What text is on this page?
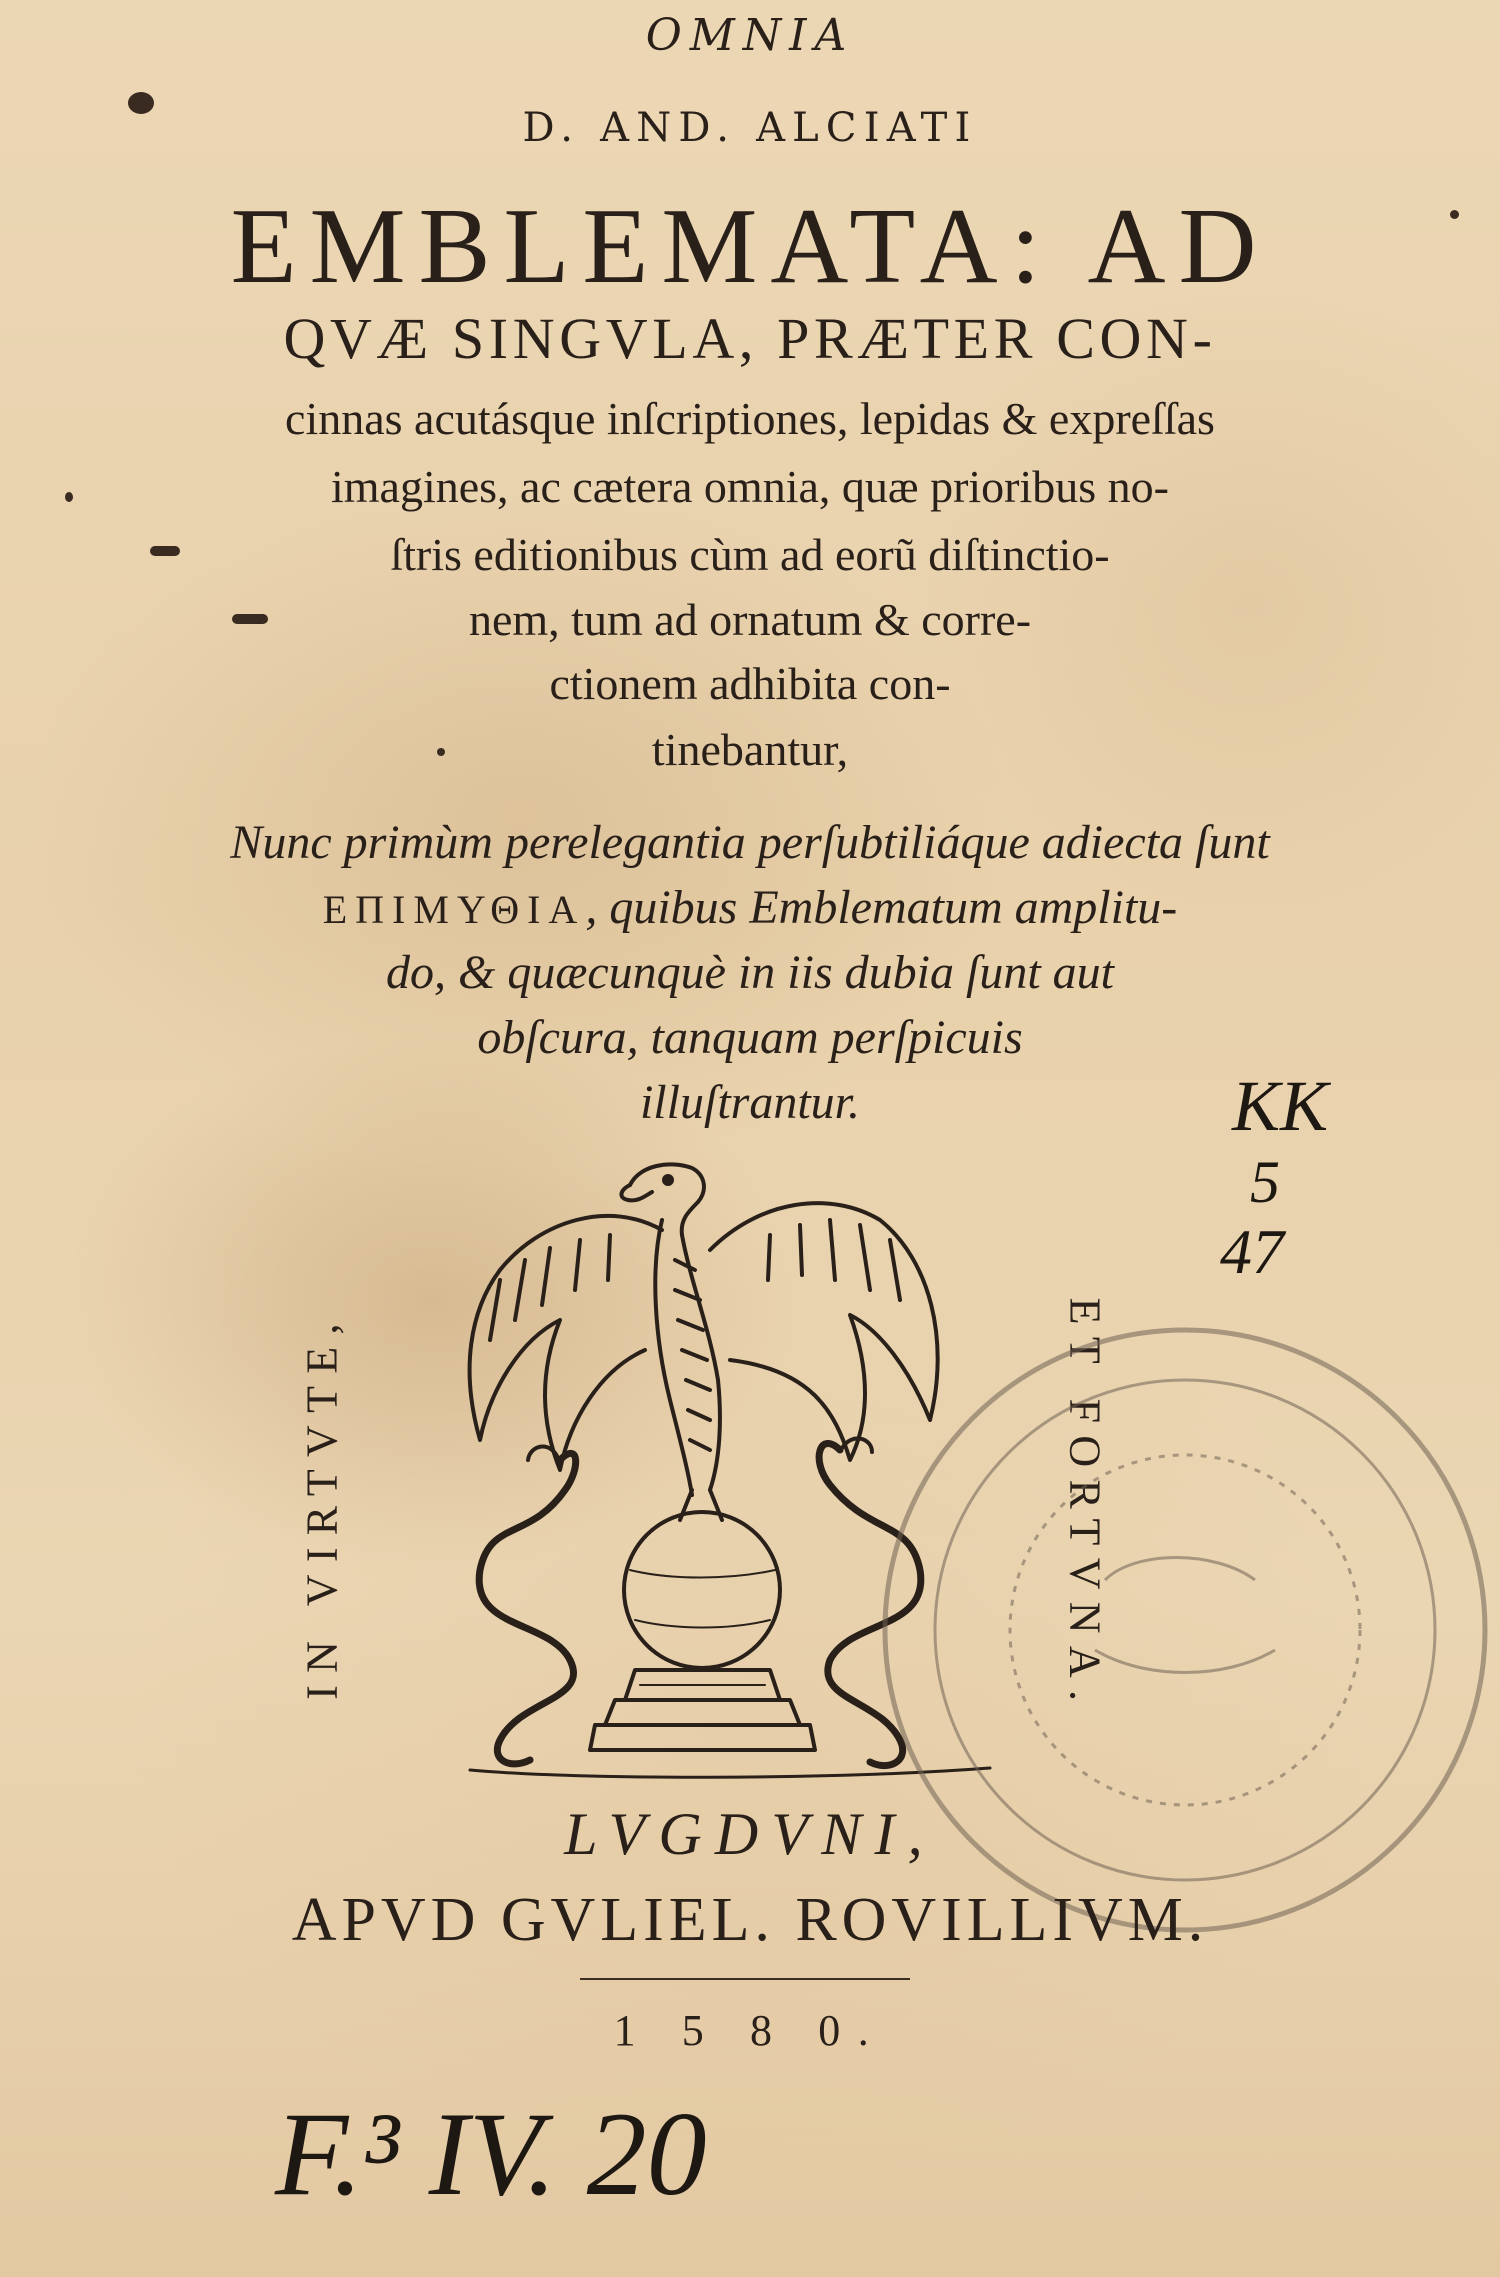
OMNIA
D. AND. ALCIATI
EMBLEMATA: AD
QVÆ SINGVLA, PRÆTER CON-
cinnas acutásque inſcriptiones, lepidas & expreſſas
imagines, ac cætera omnia, quæ prioribus no-
ſtris editionibus cùm ad eorũ diſtinctio-
nem, tum ad ornatum & corre-
ctionem adhibita con-
tinebantur,
Nunc primùm perelegantia perſubtiliáque adiecta ſunt
ΕΠΙΜΥΘΙΑ, quibus Emblematum amplitu-
do, & quæcunquè in iis dubia ſunt aut
obſcura, tanquam perſpicuis
illuſtrantur.
IN VIRTVTE,	ET FORTVNA.
KK
5
47
LVGDVNI,
APVD GVLIEL. ROVILLIVM.
1 5 8 0.
F.³ IV. 20
